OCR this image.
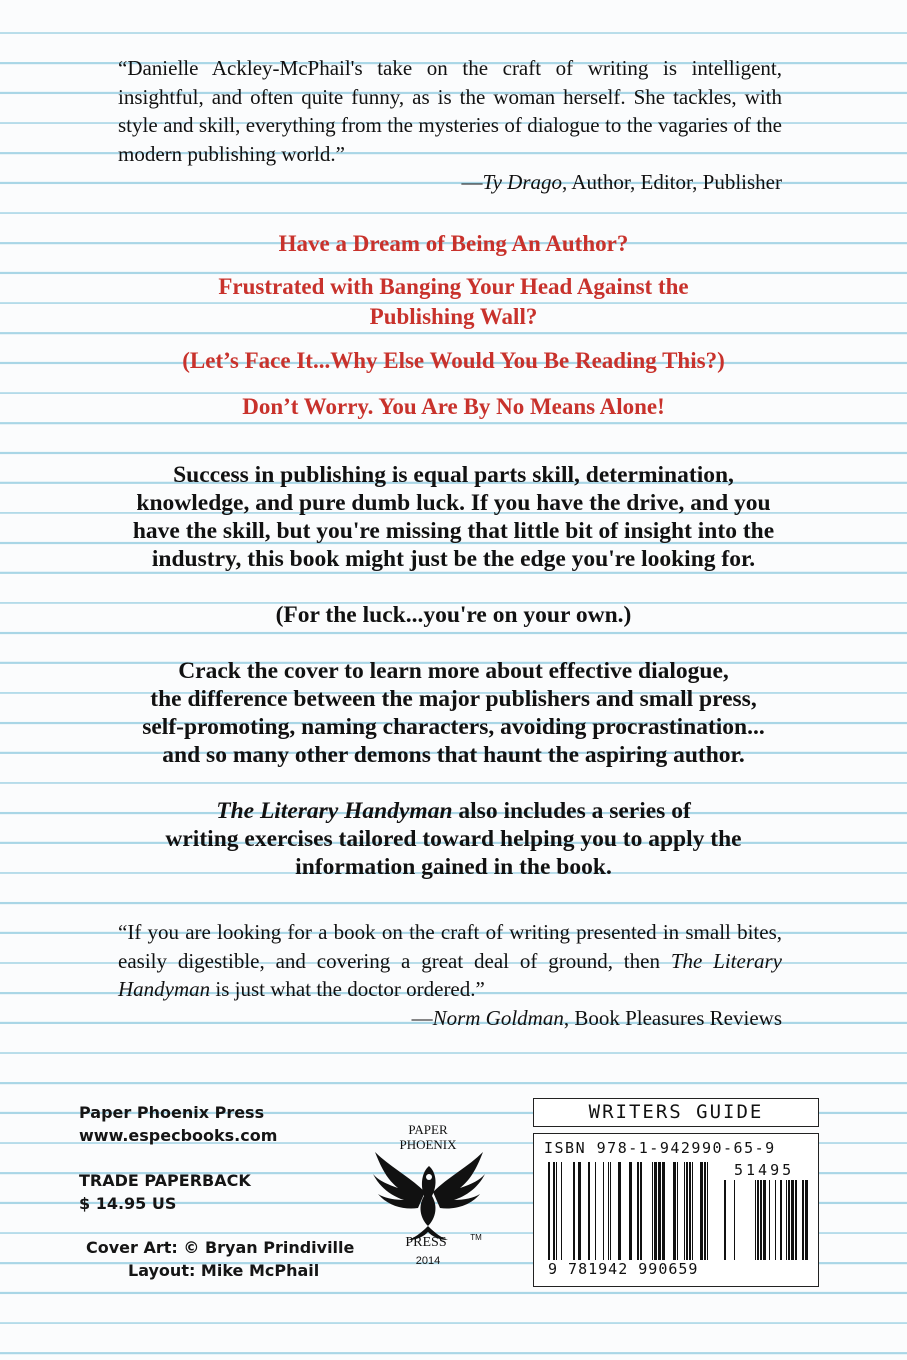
“Danielle Ackley-McPhail's take on the craft of writing is intelligent, insightful, and often quite funny, as is the woman herself. She tackles, with style and skill, everything from the mysteries of dialogue to the vagaries of the modern publishing world.”
—Ty Drago, Author, Editor, Publisher
Have a Dream of Being An Author?
Frustrated with Banging Your Head Against the
Publishing Wall?
(Let’s Face It...Why Else Would You Be Reading This?)
Don’t Worry. You Are By No Means Alone!
Success in publishing is equal parts skill, determination,
knowledge, and pure dumb luck. If you have the drive, and you
have the skill, but you're missing that little bit of insight into the
industry, this book might just be the edge you're looking for.
(For the luck...you're on your own.)
Crack the cover to learn more about effective dialogue,
the difference between the major publishers and small press,
self-promoting, naming characters, avoiding procrastination...
and so many other demons that haunt the aspiring author.
The Literary Handyman also includes a series of
writing exercises tailored toward helping you to apply the
information gained in the book.
“If you are looking for a book on the craft of writing presented in small bites, easily digestible, and covering a great deal of ground, then The Literary Handyman is just what the doctor ordered.”
—Norm Goldman, Book Pleasures Reviews
Paper Phoenix Press
www.especbooks.com
TRADE PAPERBACK
$ 14.95 US
Cover Art: © Bryan Prindiville
Layout: Mike McPhail
PAPER
PHOENIX
PRESS	TM
2014
WRITERS GUIDE
ISBN 978-1-942990-65-9
51495
9 781942 990659
